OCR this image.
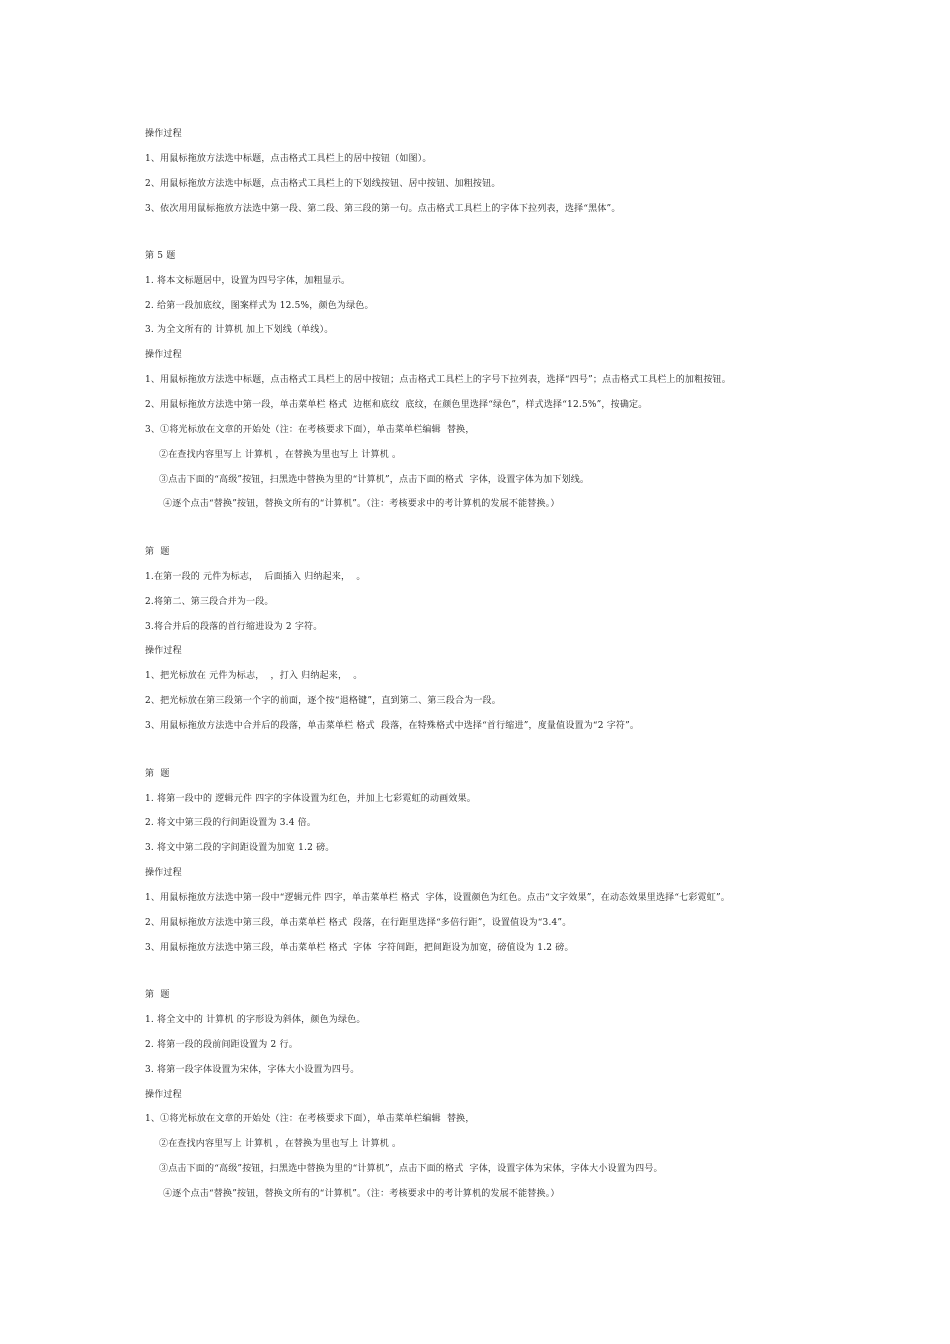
操作过程
1、用鼠标拖放方法选中标题，点击格式工具栏上的居中按钮（如图）。
2、用鼠标拖放方法选中标题，点击格式工具栏上的下划线按钮、居中按钮、加粗按钮。
3、依次用用鼠标拖放方法选中第一段、第二段、第三段的第一句。点击格式工具栏上的字体下拉列表，选择“黑体”。
第 5 题
1. 将本文标题居中，设置为四号字体，加粗显示。
2. 给第一段加底纹，图案样式为 12.5%，颜色为绿色。
3. 为全文所有的 计算机 加上下划线（单线）。
操作过程
1、用鼠标拖放方法选中标题，点击格式工具栏上的居中按钮；点击格式工具栏上的字号下拉列表，选择“四号”；点击格式工具栏上的加粗按钮。
2、用鼠标拖放方法选中第一段，单击菜单栏 格式  边框和底纹  底纹，在颜色里选择“绿色”，样式选择“12.5%”，按确定。
3、①将光标放在文章的开始处（注：在考核要求下面），单击菜单栏编辑  替换，
②在查找内容里写上 计算机 ，在替换为里也写上 计算机 。
③点击下面的“高级”按钮，扫黑选中替换为里的“计算机”，点击下面的格式  字体，设置字体为加下划线。
④逐个点击“替换”按钮，替换文所有的“计算机”。（注：考核要求中的考计算机的发展不能替换。）
第  题
1.在第一段的 元件为标志，  后面插入 归纳起来，  。
2.将第二、第三段合并为一段。
3.将合并后的段落的首行缩进设为 2 字符。
操作过程
1、把光标放在 元件为标志，  ，打入 归纳起来，  。
2、把光标放在第三段第一个字的前面，逐个按“退格键”，直到第二、第三段合为一段。
3、用鼠标拖放方法选中合并后的段落，单击菜单栏 格式  段落，在特殊格式中选择“首行缩进”，度量值设置为“2 字符”。
第  题
1. 将第一段中的 逻辑元件 四字的字体设置为红色，并加上七彩霓虹的动画效果。
2. 将文中第三段的行间距设置为 3.4 倍。
3. 将文中第二段的字间距设置为加宽 1.2 磅。
操作过程
1、用鼠标拖放方法选中第一段中“逻辑元件 四字，单击菜单栏 格式  字体，设置颜色为红色。点击“文字效果”，在动态效果里选择“七彩霓虹”。
2、用鼠标拖放方法选中第三段，单击菜单栏 格式  段落，在行距里选择“多倍行距”，设置值设为“3.4”。
3、用鼠标拖放方法选中第三段，单击菜单栏 格式  字体  字符间距，把间距设为加宽，磅值设为 1.2 磅。
第  题
1. 将全文中的 计算机 的字形设为斜体，颜色为绿色。
2. 将第一段的段前间距设置为 2 行。
3. 将第一段字体设置为宋体，字体大小设置为四号。
操作过程
1、①将光标放在文章的开始处（注：在考核要求下面），单击菜单栏编辑  替换，
②在查找内容里写上 计算机 ，在替换为里也写上 计算机 。
③点击下面的“高级”按钮，扫黑选中替换为里的“计算机”，点击下面的格式  字体，设置字体为宋体，字体大小设置为四号。
④逐个点击“替换”按钮，替换文所有的“计算机”。（注：考核要求中的考计算机的发展不能替换。）
